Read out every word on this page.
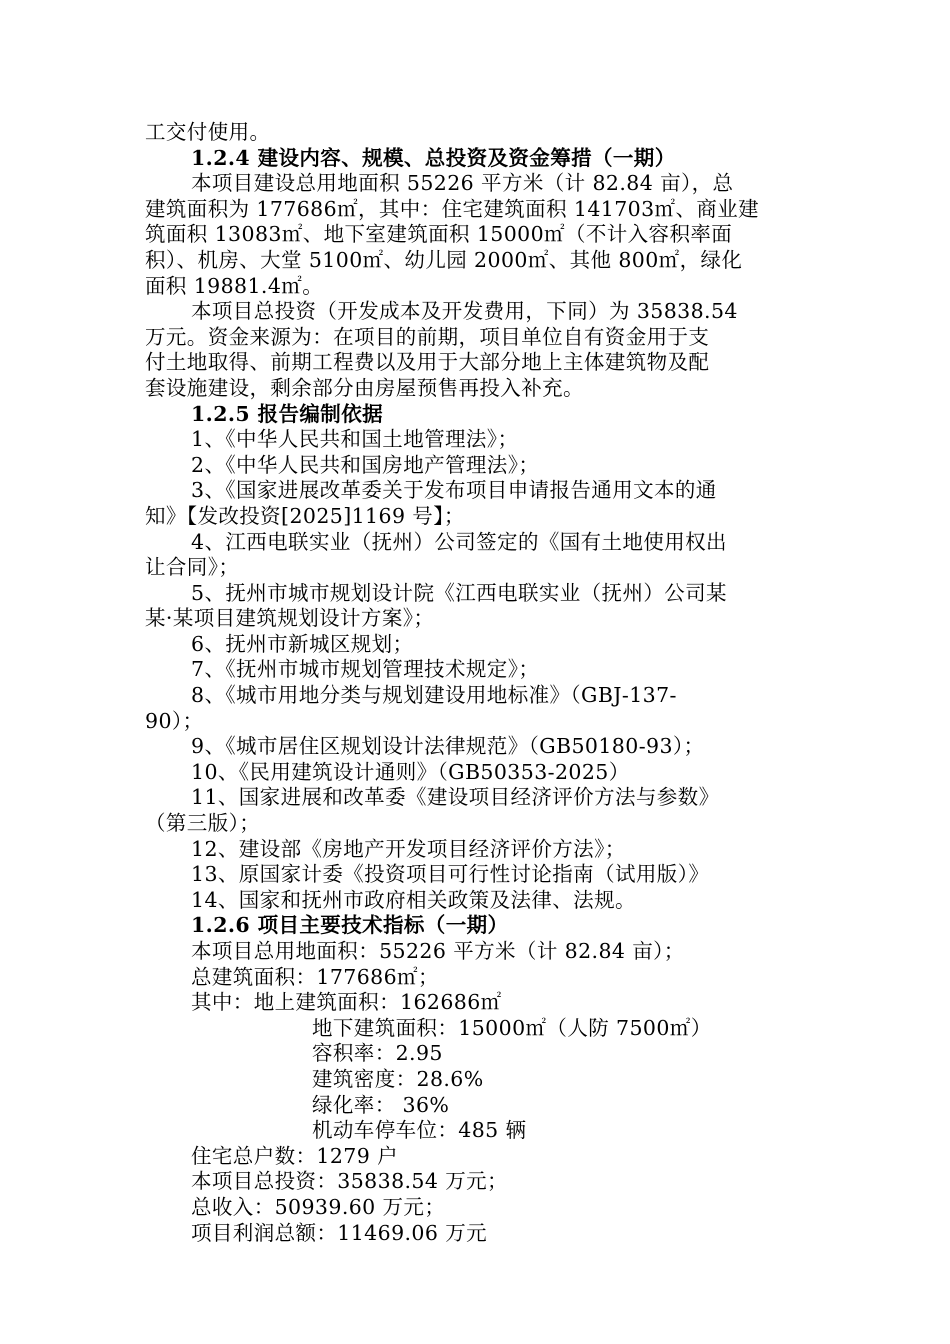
工交付使用。
1.2.4 建设内容、规模、总投资及资金筹措（一期）
本项目建设总用地面积 55226 平方米（计 82.84 亩），总
建筑面积为 177686㎡，其中：住宅建筑面积 141703㎡、商业建
筑面积 13083㎡、地下室建筑面积 15000㎡（不计入容积率面
积）、机房、大堂 5100㎡、幼儿园 2000㎡、其他 800㎡，绿化
面积 19881.4㎡。
本项目总投资（开发成本及开发费用，下同）为 35838.54
万元。资金来源为：在项目的前期，项目单位自有资金用于支
付土地取得、前期工程费以及用于大部分地上主体建筑物及配
套设施建设，剩余部分由房屋预售再投入补充。
1.2.5 报告编制依据
1、《中华人民共和国土地管理法》；
2、《中华人民共和国房地产管理法》；
3、《国家进展改革委关于发布项目申请报告通用文本的通
知》【发改投资[2025]1169 号】；
4、江西电联实业（抚州）公司签定的《国有土地使用权出
让合同》；
5、抚州市城市规划设计院《江西电联实业（抚州）公司某
某·某项目建筑规划设计方案》；
6、抚州市新城区规划；
7、《抚州市城市规划管理技术规定》；
8、《城市用地分类与规划建设用地标准》（GBJ-137-
90）；
9、《城市居住区规划设计法律规范》（GB50180-93）；
10、《民用建筑设计通则》（GB50353-2025）
11、国家进展和改革委《建设项目经济评价方法与参数》
（第三版）；
12、建设部《房地产开发项目经济评价方法》；
13、原国家计委《投资项目可行性讨论指南（试用版）》
14、国家和抚州市政府相关政策及法律、法规。
1.2.6 项目主要技术指标（一期）
本项目总用地面积：55226 平方米（计 82.84 亩）；
总建筑面积：177686㎡；
其中：地上建筑面积：162686㎡
地下建筑面积：15000㎡（人防 7500㎡）
容积率：2.95
建筑密度：28.6%
绿化率： 36%
机动车停车位：485 辆
住宅总户数：1279 户
本项目总投资：35838.54 万元；
总收入：50939.60 万元；
项目利润总额：11469.06 万元
